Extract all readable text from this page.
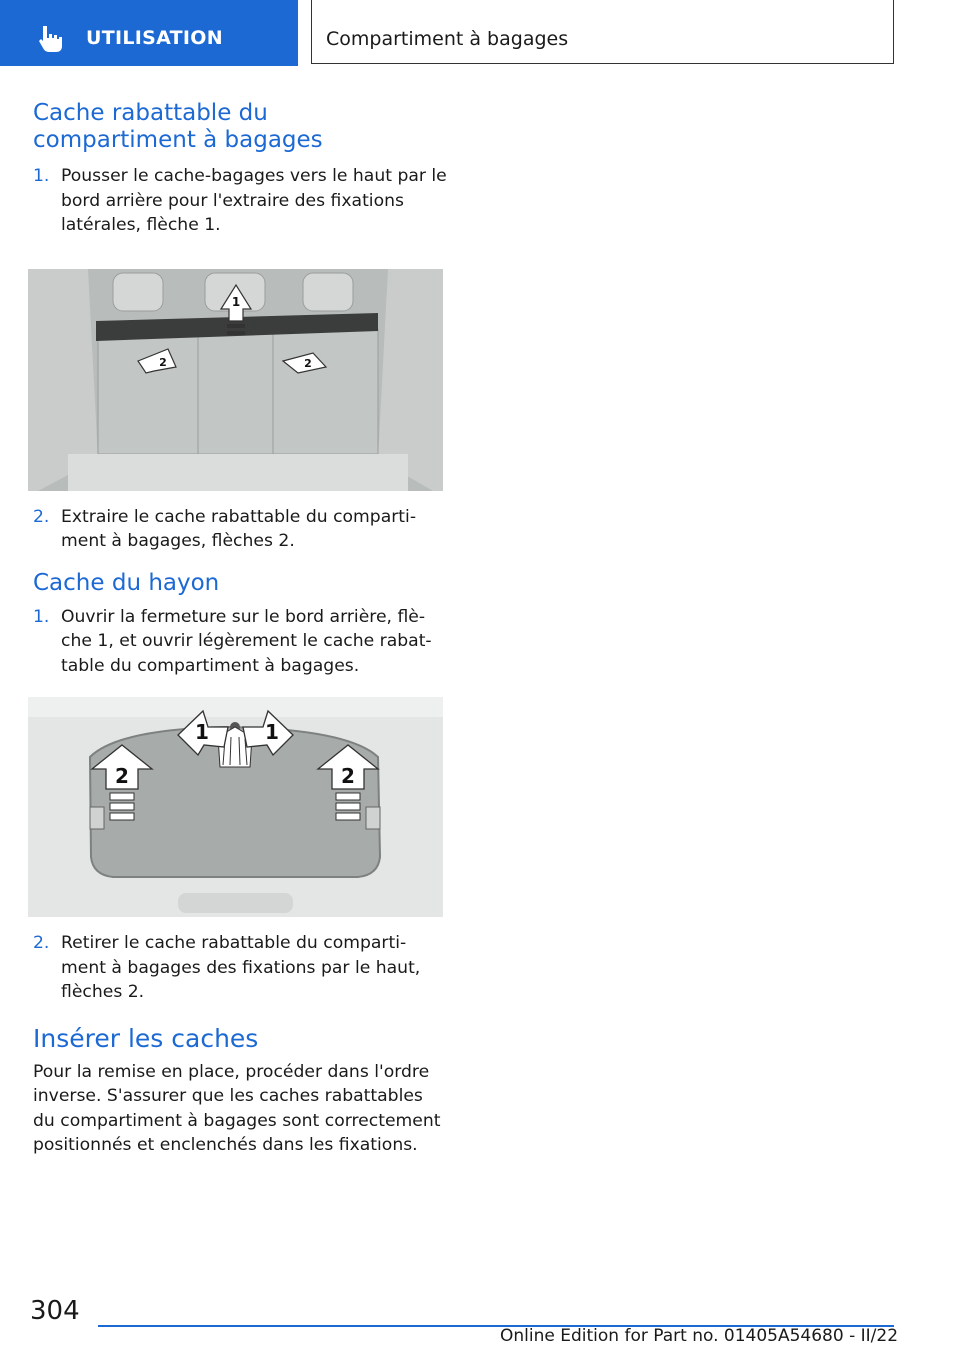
UTILISATION	Compartiment à bagages
Cache rabattable du compartiment à bagages
1. Pousser le cache-bagages vers le haut par le bord arrière pour l'extraire des fixations latérales, flèche 1.
1
2	2
2. Extraire le cache rabattable du comparti‐ment à bagages, flèches 2.
Cache du hayon
1. Ouvrir la fermeture sur le bord arrière, flè‐che 1, et ouvrir légèrement le cache rabat‐table du compartiment à bagages.
1	1
2	2
2. Retirer le cache rabattable du comparti‐ment à bagages des fixations par le haut, flèches 2.
Insérer les caches

Pour la remise en place, procéder dans l'ordre inverse. S'assurer que les caches rabattables du compartiment à bagages sont correctement positionnés et enclenchés dans les fixations.

304
Online Edition for Part no. 01405A54680 - II/22
